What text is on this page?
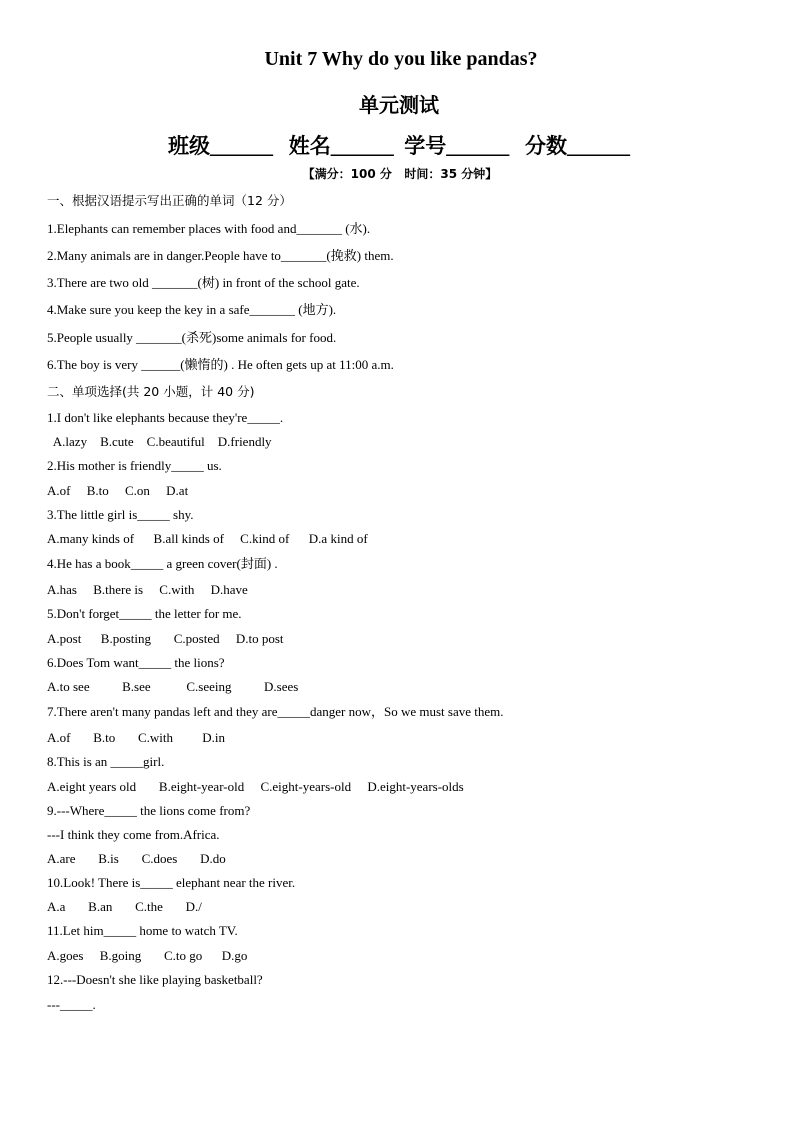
Unit 7 Why do you like pandas?
单元测试
班级______   姓名______  学号______   分数______
【满分：100 分   时间：35 分钟】
一、根据汉语提示写出正确的单词（12 分）
1.Elephants can remember places with food and_______ (水).
2.Many animals are in danger.People have to_______(挽救) them.
3.There are two old _______(树) in front of the school gate.
4.Make sure you keep the key in a safe_______ (地方).
5.People usually _______(杀死)some animals for food.
6.The boy is very ______(懒惰的) . He often gets up at 11:00 a.m.
二、单项选择(共 20 小题，计 40 分)
1.I don't like elephants because they're_____.
A.lazy    B.cute    C.beautiful    D.friendly
2.His mother is friendly_____ us.
A.of     B.to     C.on     D.at
3.The little girl is_____ shy.
A.many kinds of      B.all kinds of     C.kind of      D.a kind of
4.He has a book_____ a green cover(封面) .
A.has     B.there is     C.with     D.have
5.Don't forget_____ the letter for me.
A.post      B.posting       C.posted     D.to post
6.Does Tom want_____ the lions?
A.to see          B.see           C.seeing          D.sees
7.There aren't many pandas left and they are_____danger now，So we must save them.
A.of       B.to       C.with         D.in
8.This is an _____girl.
A.eight years old       B.eight-year-old     C.eight-years-old     D.eight-years-olds
9.---Where_____ the lions come from?
---I think they come from.Africa.
A.are       B.is       C.does       D.do
10.Look! There is_____ elephant near the river.
A.a       B.an       C.the       D./
11.Let him_____ home to watch TV.
A.goes     B.going       C.to go      D.go
12.---Doesn't she like playing basketball?
---_____.
